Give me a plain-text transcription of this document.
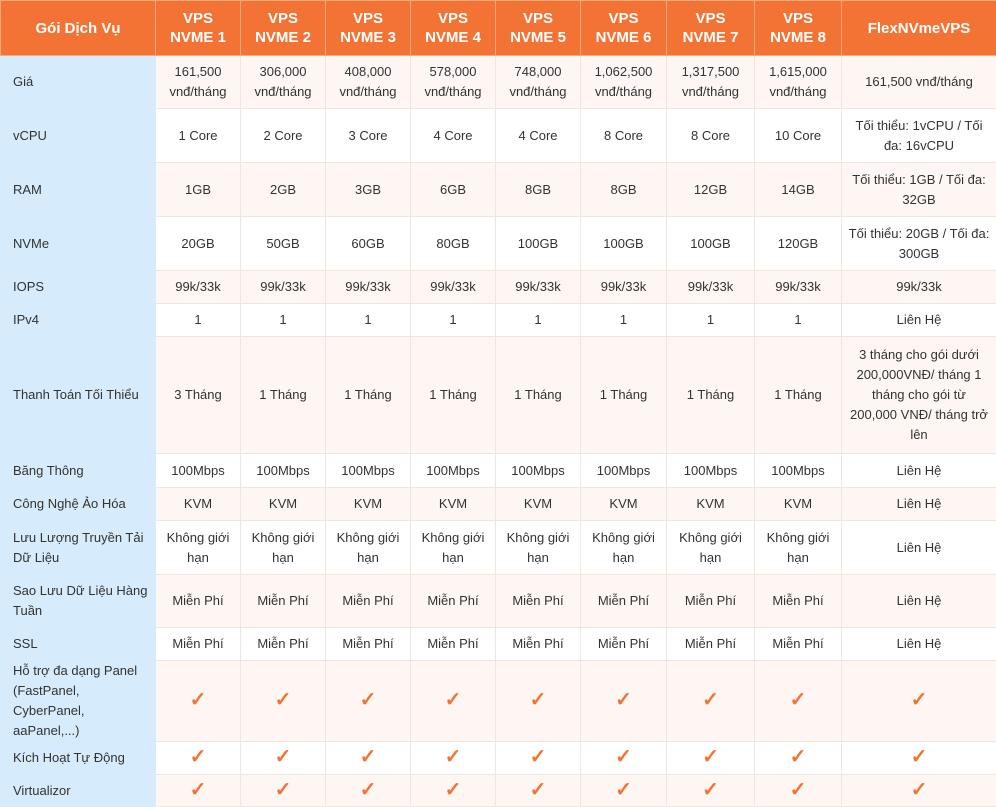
Gói Dịch Vụ	VPS NVME 1	VPS NVME 2	VPS NVME 3	VPS NVME 4	VPS NVME 5	VPS NVME 6	VPS NVME 7	VPS NVME 8	FlexNVmeVPS
Giá	161,500 vnđ/tháng	306,000 vnđ/tháng	408,000 vnđ/tháng	578,000 vnđ/tháng	748,000 vnđ/tháng	1,062,500 vnđ/tháng	1,317,500 vnđ/tháng	1,615,000 vnđ/tháng	161,500 vnđ/tháng
vCPU	1 Core	2 Core	3 Core	4 Core	4 Core	8 Core	8 Core	10 Core	Tối thiểu: 1vCPU / Tối đa: 16vCPU
RAM	1GB	2GB	3GB	6GB	8GB	8GB	12GB	14GB	Tối thiểu: 1GB / Tối đa: 32GB
NVMe	20GB	50GB	60GB	80GB	100GB	100GB	100GB	120GB	Tối thiểu: 20GB / Tối đa: 300GB
IOPS	99k/33k	99k/33k	99k/33k	99k/33k	99k/33k	99k/33k	99k/33k	99k/33k	99k/33k
IPv4	1	1	1	1	1	1	1	1	Liên Hệ
Thanh Toán Tối Thiểu	3 Tháng	1 Tháng	1 Tháng	1 Tháng	1 Tháng	1 Tháng	1 Tháng	1 Tháng	3 tháng cho gói dưới 200,000VNĐ/ tháng 1 tháng cho gói từ 200,000 VNĐ/ tháng trở lên
Băng Thông	100Mbps	100Mbps	100Mbps	100Mbps	100Mbps	100Mbps	100Mbps	100Mbps	Liên Hệ
Công Nghệ Ảo Hóa	KVM	KVM	KVM	KVM	KVM	KVM	KVM	KVM	Liên Hệ
Lưu Lượng Truyền Tải Dữ Liệu	Không giới hạn	Không giới hạn	Không giới hạn	Không giới hạn	Không giới hạn	Không giới hạn	Không giới hạn	Không giới hạn	Liên Hệ
Sao Lưu Dữ Liệu Hàng Tuần	Miễn Phí	Miễn Phí	Miễn Phí	Miễn Phí	Miễn Phí	Miễn Phí	Miễn Phí	Miễn Phí	Liên Hệ
SSL	Miễn Phí	Miễn Phí	Miễn Phí	Miễn Phí	Miễn Phí	Miễn Phí	Miễn Phí	Miễn Phí	Liên Hệ
Hỗ trợ đa dạng Panel (FastPanel, CyberPanel, aaPanel,...)	✓	✓	✓	✓	✓	✓	✓	✓	✓
Kích Hoạt Tự Động	✓	✓	✓	✓	✓	✓	✓	✓	✓
Virtualizor	✓	✓	✓	✓	✓	✓	✓	✓	✓
